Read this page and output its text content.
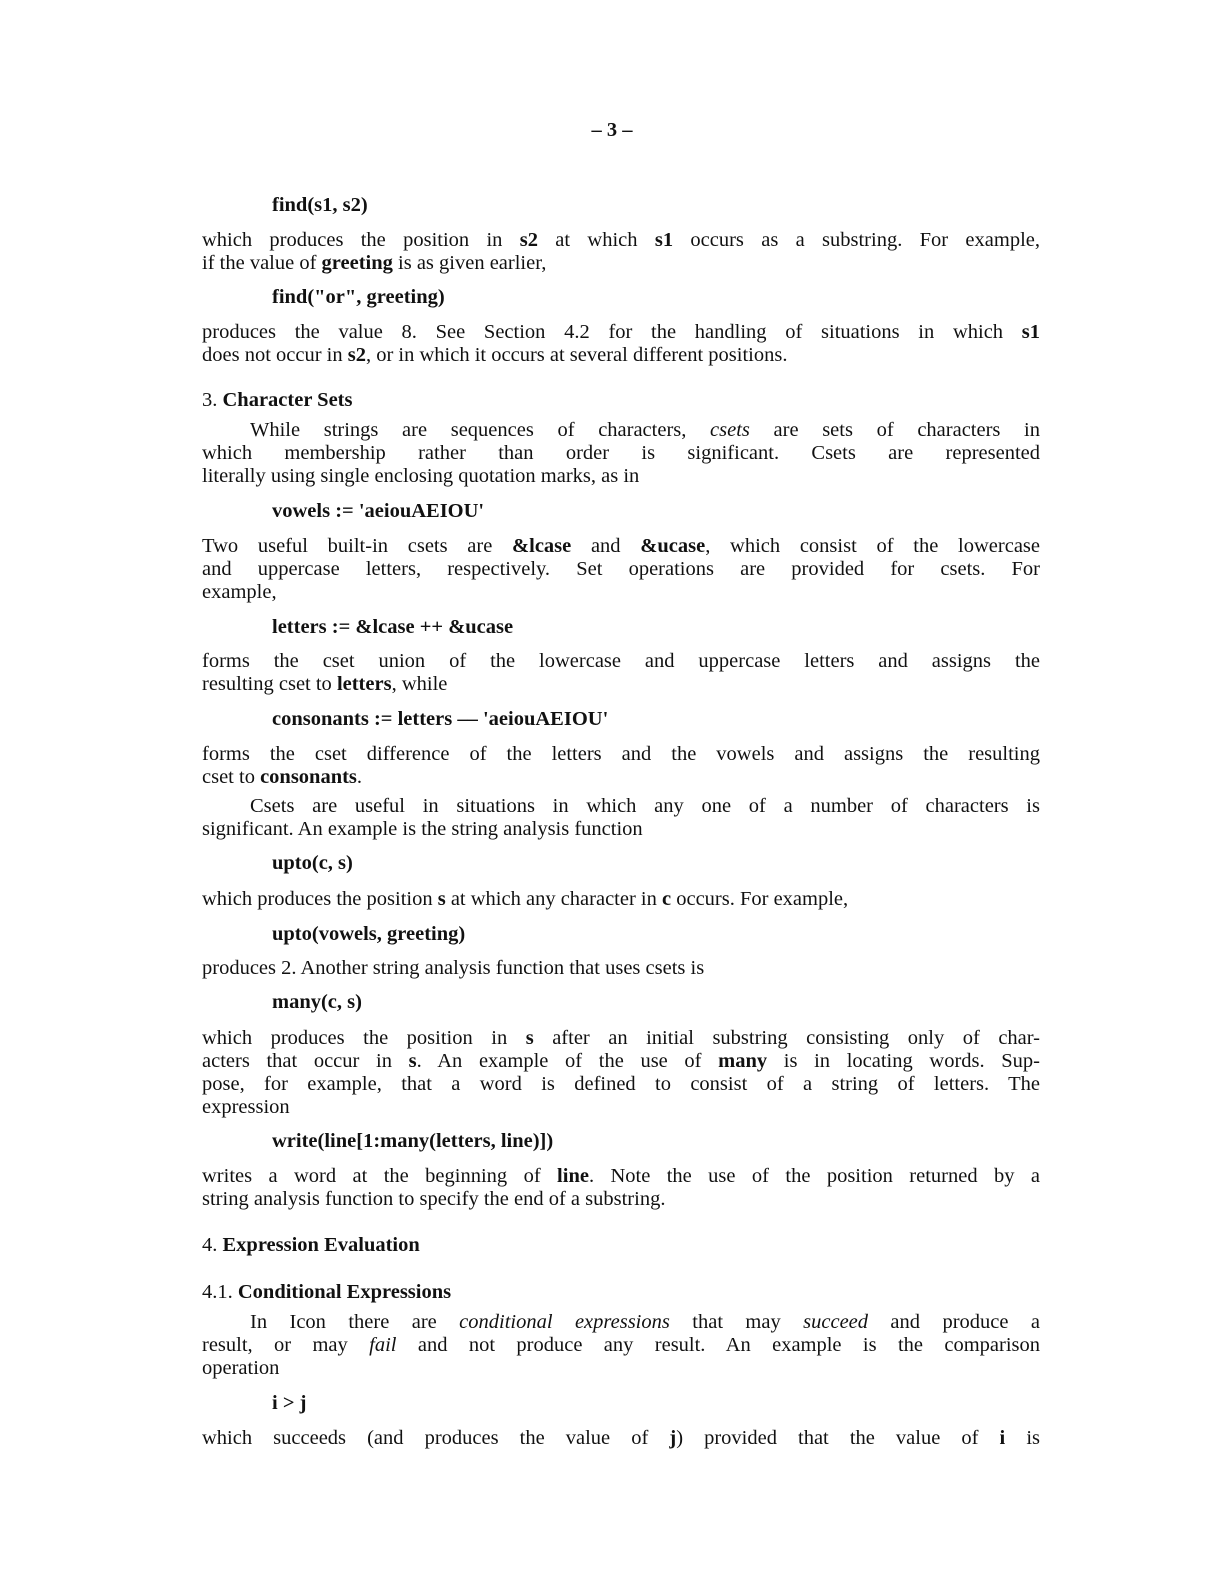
– 3 –
find(s1, s2)
which produces the position in s2 at which s1 occurs as a substring. For example,
if the value of greeting is as given earlier,
find("or", greeting)
produces the value 8. See Section 4.2 for the handling of situations in which s1
does not occur in s2, or in which it occurs at several different positions.
3. Character Sets
While strings are sequences of characters, csets are sets of characters in
which membership rather than order is significant. Csets are represented
literally using single enclosing quotation marks, as in
vowels := 'aeiouAEIOU'
Two useful built-in csets are &lcase and &ucase, which consist of the lowercase
and uppercase letters, respectively. Set operations are provided for csets. For
example,
letters := &lcase ++ &ucase
forms the cset union of the lowercase and uppercase letters and assigns the
resulting cset to letters, while
consonants := letters –– 'aeiouAEIOU'
forms the cset difference of the letters and the vowels and assigns the resulting
cset to consonants.
Csets are useful in situations in which any one of a number of characters is
significant. An example is the string analysis function
upto(c, s)
which produces the position s at which any character in c occurs. For example,
upto(vowels, greeting)
produces 2. Another string analysis function that uses csets is
many(c, s)
which produces the position in s after an initial substring consisting only of char-
acters that occur in s. An example of the use of many is in locating words. Sup-
pose, for example, that a word is defined to consist of a string of letters. The
expression
write(line[1:many(letters, line)])
writes a word at the beginning of line. Note the use of the position returned by a
string analysis function to specify the end of a substring.
4. Expression Evaluation
4.1. Conditional Expressions
In Icon there are conditional expressions that may succeed and produce a
result, or may fail and not produce any result. An example is the comparison
operation
i > j
which succeeds (and produces the value of j) provided that the value of i is
